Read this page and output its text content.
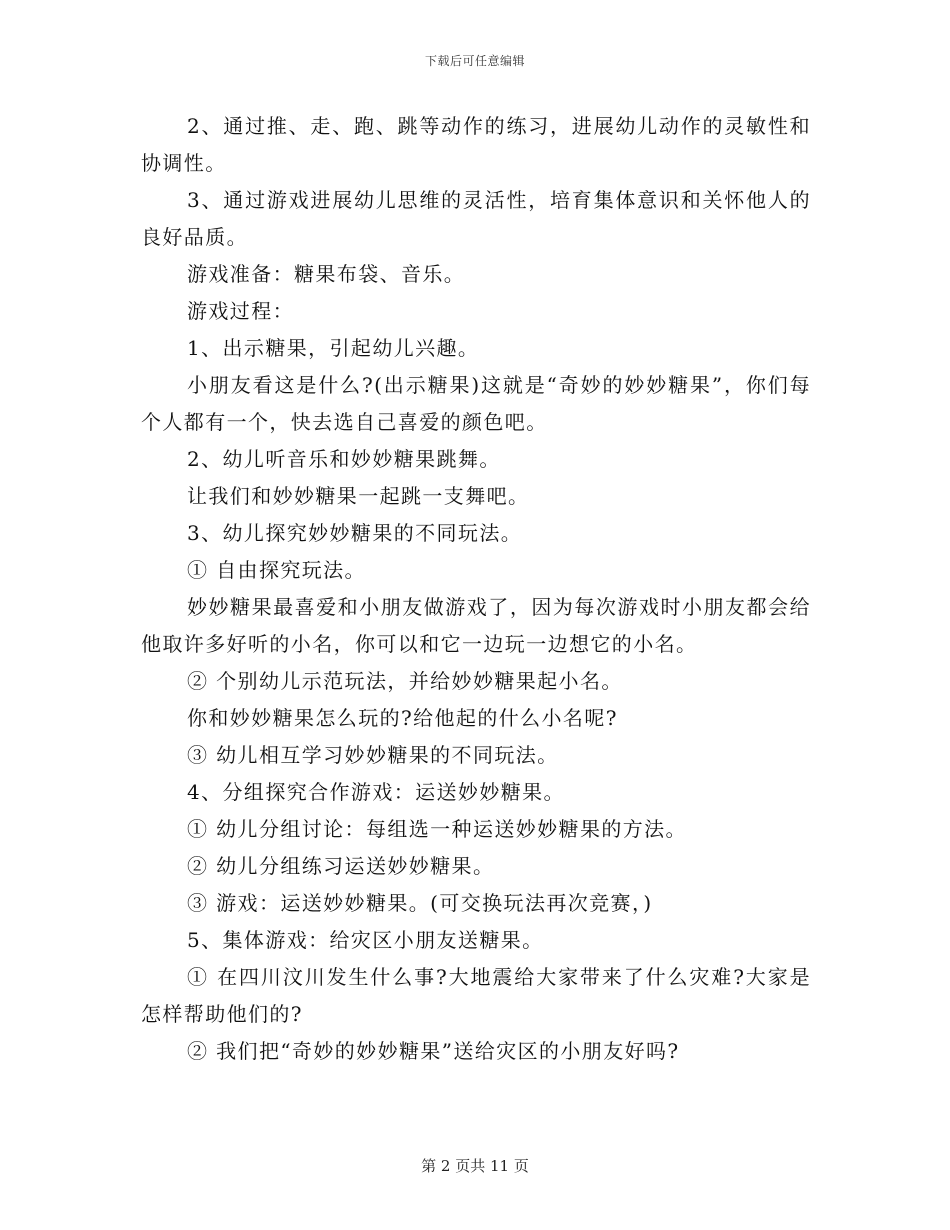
下载后可任意编辑

2、通过推、走、跑、跳等动作的练习，进展幼儿动作的灵敏性和协调性。

3、通过游戏进展幼儿思维的灵活性，培育集体意识和关怀他人的良好品质。

游戏准备：糖果布袋、音乐。

游戏过程：

1、出示糖果，引起幼儿兴趣。

小朋友看这是什么?(出示糖果)这就是“奇妙的妙妙糖果”，你们每个人都有一个，快去选自己喜爱的颜色吧。

2、幼儿听音乐和妙妙糖果跳舞。

让我们和妙妙糖果一起跳一支舞吧。

3、幼儿探究妙妙糖果的不同玩法。

① 自由探究玩法。

妙妙糖果最喜爱和小朋友做游戏了，因为每次游戏时小朋友都会给他取许多好听的小名，你可以和它一边玩一边想它的小名。

② 个别幼儿示范玩法，并给妙妙糖果起小名。

你和妙妙糖果怎么玩的?给他起的什么小名呢?

③ 幼儿相互学习妙妙糖果的不同玩法。

4、分组探究合作游戏：运送妙妙糖果。

① 幼儿分组讨论：每组选一种运送妙妙糖果的方法。

② 幼儿分组练习运送妙妙糖果。

③ 游戏：运送妙妙糖果。(可交换玩法再次竞赛，)

5、集体游戏：给灾区小朋友送糖果。

① 在四川汶川发生什么事?大地震给大家带来了什么灾难?大家是怎样帮助他们的?

② 我们把“奇妙的妙妙糖果”送给灾区的小朋友好吗?

第 2 页共 11 页
